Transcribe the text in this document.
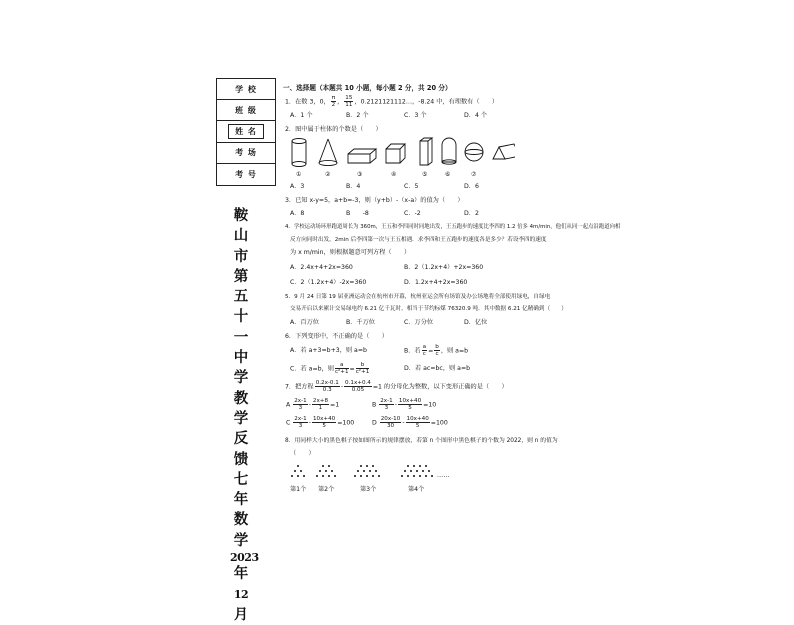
学 校
班 级
姓 名
考 场
考 号
鞍
山
市
第
五
十
一
中
学
教
学
反
馈
七
年
数
学
2023
年
12月
一、选择题（本题共 10 小题，每小题 2 分，共 20 分）
1．在数 3，0， $\frac{\pi}{2}$ ， $\frac{15}{11}$ ，0.2121121112…，-8.24 中，有理数有（　　）
A．1 个	B．2 个	C．3 个	D．4 个
2．图中属于柱体的个数是（　　）
①	②	③	④	⑤	⑥	⑦
A．3	B．4	C．5	D．6
3．已知 x-y=5，a+b=-3，则（y+b）-（x-a）的值为（　　）
A．8	B　　-8	C．-2	D．2
4．学校运动场环形跑道周长为 360m，王五和李四同时同地出发，王五跑步的速度比李四的 1.2 倍多 4m/min，他们从同一起点沿跑道向相
反方向同时出发，2min 后李四第一次与王五相遇．求李四和王五跑步的速度各是多少？若设李四的速度
为 x m/min，则根据题意可列方程（　　）
A．2.4x+4+2x=360	B．2（1.2x+4）+2x=360
C．2（1.2x+4）-2x=360	D．1.2x+4+2x=360
5．9 月 24 日第 19 届亚洲运动会在杭州市开幕，杭州亚运会所有场馆及办公场地将全部使用绿电，自绿电
交易开启以来累计交易绿电约 6.21 亿千瓦时，相当于节约标煤 76320.9 吨．其中数据 6.21 亿精确到（　　）
A．百万位	B．千万位	C．万分位	D．亿位
6．下列变形中，不正确的是（　　）
A．若 a+3=b+3，则 a=b	B．若 $\frac{a}{c} = \frac{b}{c}$ ，则 a=b
C．若 a=b，则 $\frac{a}{\text{c²+1}} = \frac{b}{\text{c²+1}}$	D．若 ac=bc，则 a=b
7．把方程 $\frac{0.2x-0.1}{0.3} - \frac{0.1x+0.4}{0.05} =1$ 的分母化为整数，以下变形正确的是（　　）
A $\frac{2x-1}{3} - \frac{2x+8}{1} =1$	B $\frac{2x-1}{3} - \frac{10x+40}{5} =10$
C $\frac{2x-1}{3} - \frac{10x+40}{5} =100$	D $\frac{20x-10}{30} - \frac{10x+40}{5} =100$
8．用同样大小的黑色棋子按如图所示的规律摆放，若第 n 个图形中黑色棋子的个数为 2022，则 n 的值为
（　　）
……
第1个 第2个	第3个	第4个
